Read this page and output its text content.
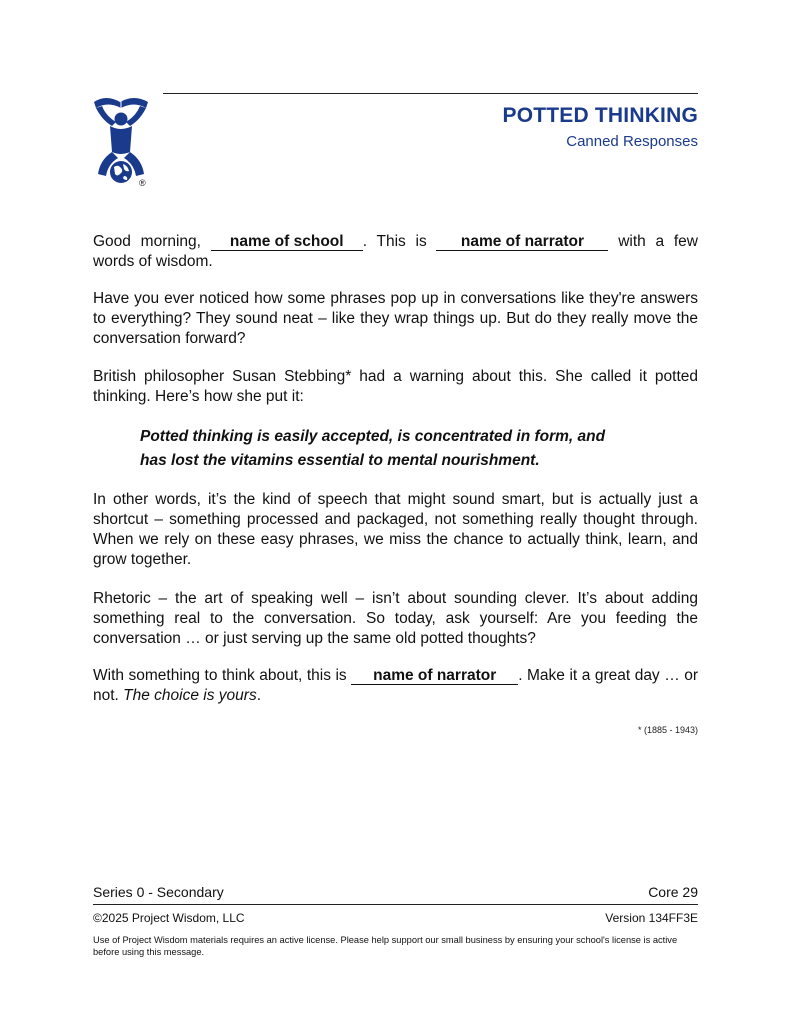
®
POTTED THINKING
Canned Responses

Good morning, name of school . This is name of narrator with a few words of wisdom.

Have you ever noticed how some phrases pop up in conversations like they're answers to everything? They sound neat – like they wrap things up. But do they really move the conversation forward?
British philosopher Susan Stebbing* had a warning about this. She called it potted thinking. Here’s how she put it:

Potted thinking is easily accepted, is concentrated in form, and

has lost the vitamins essential to mental nourishment.

In other words, it’s the kind of speech that might sound smart, but is actually just a shortcut – something processed and packaged, not something really thought through. When we rely on these easy phrases, we miss the chance to actually think, learn, and grow together.
Rhetoric – the art of speaking well – isn’t about sounding clever. It’s about adding something real to the conversation. So today, ask yourself: Are you feeding the conversation … or just serving up the same old potted thoughts?

With something to think about, this is name of narrator . Make it a great day … or not. The choice is yours.

* (1885 - 1943)
Series 0 - Secondary	Core 29
©2025 Project Wisdom, LLC	Version 134FF3E
Use of Project Wisdom materials requires an active license. Please help support our small business by ensuring your school's license is active before using this message.
